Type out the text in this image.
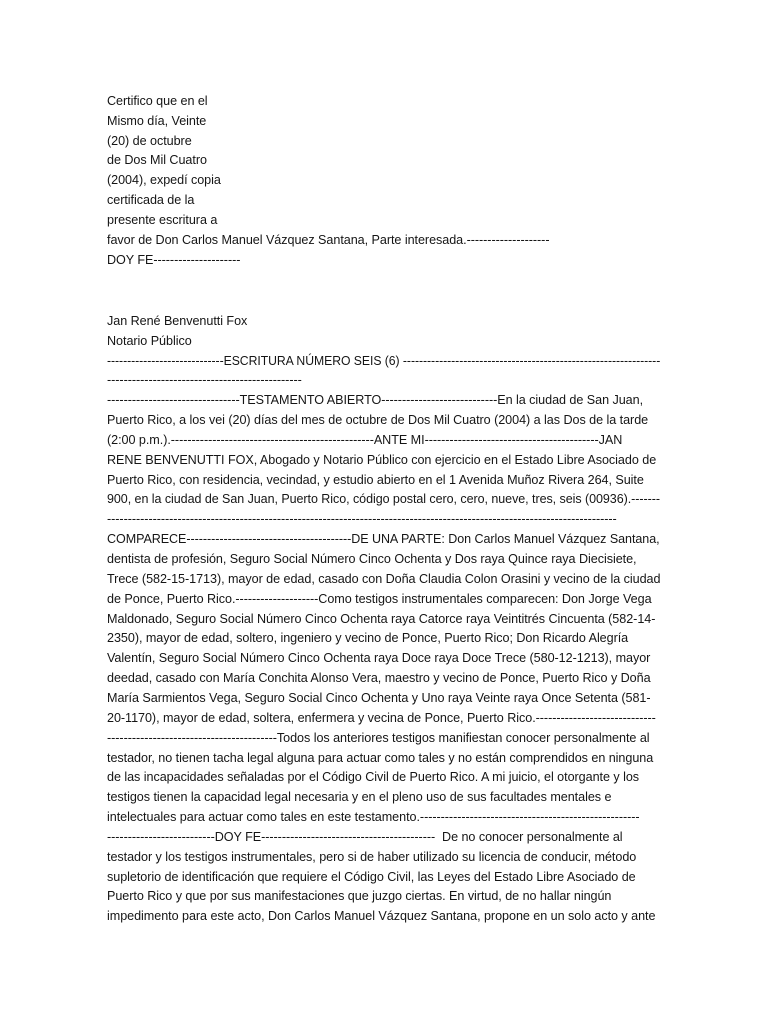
Certifico que en el
Mismo día, Veinte
(20) de octubre
de Dos Mil Cuatro
(2004), expedí copia
certificada de la
presente escritura a
favor de Don Carlos Manuel Vázquez Santana, Parte interesada.--------------------
DOY FE---------------------
Jan René Benvenutti Fox
Notario Público
-----------------------------ESCRITURA NÚMERO SEIS (6) ----------------------------------------------------------------
-----------------------------------------------
--------------------------------TESTAMENTO ABIERTO----------------------------En la ciudad de San Juan,
Puerto Rico, a los vei (20) días del mes de octubre de Dos Mil Cuatro (2004) a las Dos de la tarde
(2:00 p.m.).-------------------------------------------------ANTE MI------------------------------------------JAN
RENE BENVENUTTI FOX, Abogado y Notario Público con ejercicio en el Estado Libre Asociado de
Puerto Rico, con residencia, vecindad, y estudio abierto en el 1 Avenida Muñoz Rivera 264, Suite
900, en la ciudad de San Juan, Puerto Rico, código postal cero, cero, nueve, tres, seis (00936).-------
---------------------------------------------------------------------------------------------------------------------------
COMPARECE----------------------------------------DE UNA PARTE: Don Carlos Manuel Vázquez Santana,
dentista de profesión, Seguro Social Número Cinco Ochenta y Dos raya Quince raya Diecisiete,
Trece (582-15-1713), mayor de edad, casado con Doña Claudia Colon Orasini y vecino de la ciudad
de Ponce, Puerto Rico.--------------------Como testigos instrumentales comparecen: Don Jorge Vega
Maldonado, Seguro Social Número Cinco Ochenta raya Catorce raya Veintitrés Cincuenta (582-14-
2350), mayor de edad, soltero, ingeniero y vecino de Ponce, Puerto Rico; Don Ricardo Alegría
Valentín, Seguro Social Número Cinco Ochenta raya Doce raya Doce Trece (580-12-1213), mayor
deedad, casado con María Conchita Alonso Vera, maestro y vecino de Ponce, Puerto Rico y Doña
María Sarmientos Vega, Seguro Social Cinco Ochenta y Uno raya Veinte raya Once Setenta (581-
20-1170), mayor de edad, soltera, enfermera y vecina de Ponce, Puerto Rico.-----------------------------
-----------------------------------------Todos los anteriores testigos manifiestan conocer personalmente al
testador, no tienen tacha legal alguna para actuar como tales y no están comprendidos en ninguna
de las incapacidades señaladas por el Código Civil de Puerto Rico. A mi juicio, el otorgante y los
testigos tienen la capacidad legal necesaria y en el pleno uso de sus facultades mentales e
intelectuales para actuar como tales en este testamento.-----------------------------------------------------
--------------------------DOY FE------------------------------------------  De no conocer personalmente al
testador y los testigos instrumentales, pero si de haber utilizado su licencia de conducir, método
supletorio de identificación que requiere el Código Civil, las Leyes del Estado Libre Asociado de
Puerto Rico y que por sus manifestaciones que juzgo ciertas. En virtud, de no hallar ningún
impedimento para este acto, Don Carlos Manuel Vázquez Santana, propone en un solo acto y ante
